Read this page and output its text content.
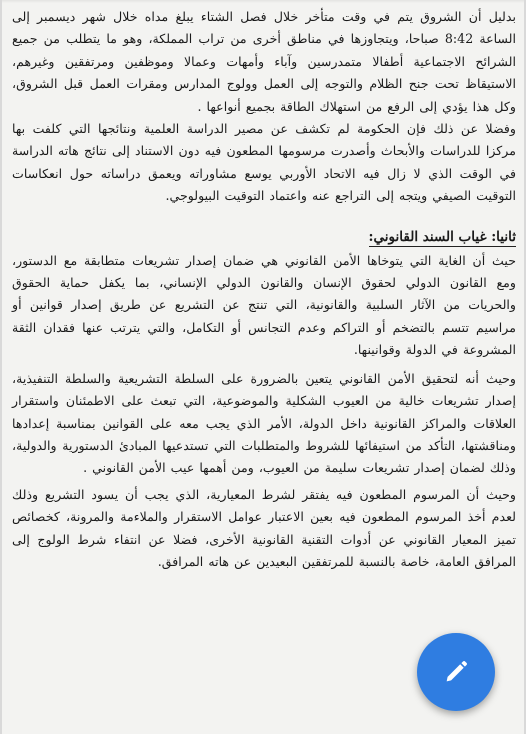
بدليل أن الشروق يتم في وقت متأخر خلال فصل الشتاء يبلغ مداه خلال شهر ديسمبر إلى الساعة 8:42 صباحا، ويتجاوزها في مناطق أخرى من تراب المملكة، وهو ما يتطلب من جميع الشرائح الاجتماعية أطفالا متمدرسين وآباء وأمهات وعمالا وموظفين ومرتفقين وغيرهم، الاستيقاظ تحت جنح الظلام والتوجه إلى العمل وولوج المدارس ومقرات العمل قبل الشروق، وكل هذا يؤدي إلى الرفع من استهلاك الطاقة بجميع أنواعها .

وفضلا عن ذلك فإن الحكومة لم تكشف عن مصير الدراسة العلمية ونتائجها التي كلفت بها مركزا للدراسات والأبحاث وأصدرت مرسومها المطعون فيه دون الاستناد إلى نتائج هاته الدراسة في الوقت الذي لا زال فيه الاتحاد الأوربي يوسع مشاوراته ويعمق دراساته حول انعكاسات التوقيت الصيفي ويتجه إلى التراجع عنه واعتماد التوقيت البيولوجي.

ثانيا: غياب السند القانوني:

حيث أن الغاية التي يتوخاها الأمن القانوني هي ضمان إصدار تشريعات متطابقة مع الدستور، ومع القانون الدولي لحقوق الإنسان والقانون الدولي الإنساني، بما يكفل حماية الحقوق والحريات من الآثار السلبية والقانونية، التي تنتج عن التشريع عن طريق إصدار قوانين أو مراسيم تتسم بالتضخم أو التراكم وعدم التجانس أو التكامل، والتي يترتب عنها فقدان الثقة المشروعة في الدولة وقوانينها.

وحيث أنه لتحقيق الأمن القانوني يتعين بالضرورة على السلطة التشريعية والسلطة التنفيذية، إصدار تشريعات خالية من العيوب الشكلية والموضوعية، التي تبعث على الاطمئنان واستقرار العلاقات والمراكز القانونية داخل الدولة، الأمر الذي يجب معه على القوانين بمناسبة إعدادها ومناقشتها، التأكد من استيفائها للشروط والمتطلبات التي تستدعيها المبادئ الدستورية والدولية، وذلك لضمان إصدار تشريعات سليمة من العيوب، ومن أهمها عيب الأمن القانوني .

وحيث أن المرسوم المطعون فيه يفتقر لشرط المعيارية، الذي يجب أن يسود التشريع وذلك لعدم أخذ المرسوم المطعون فيه بعين الاعتبار عوامل الاستقرار والملاءمة والمرونة، كخصائص تميز المعيار القانوني عن أدوات التقنية القانونية الأخرى، فضلا عن انتفاء شرط الولوج إلى المرافق العامة، خاصة بالنسبة للمرتفقين البعيدين عن هاته المرافق.
